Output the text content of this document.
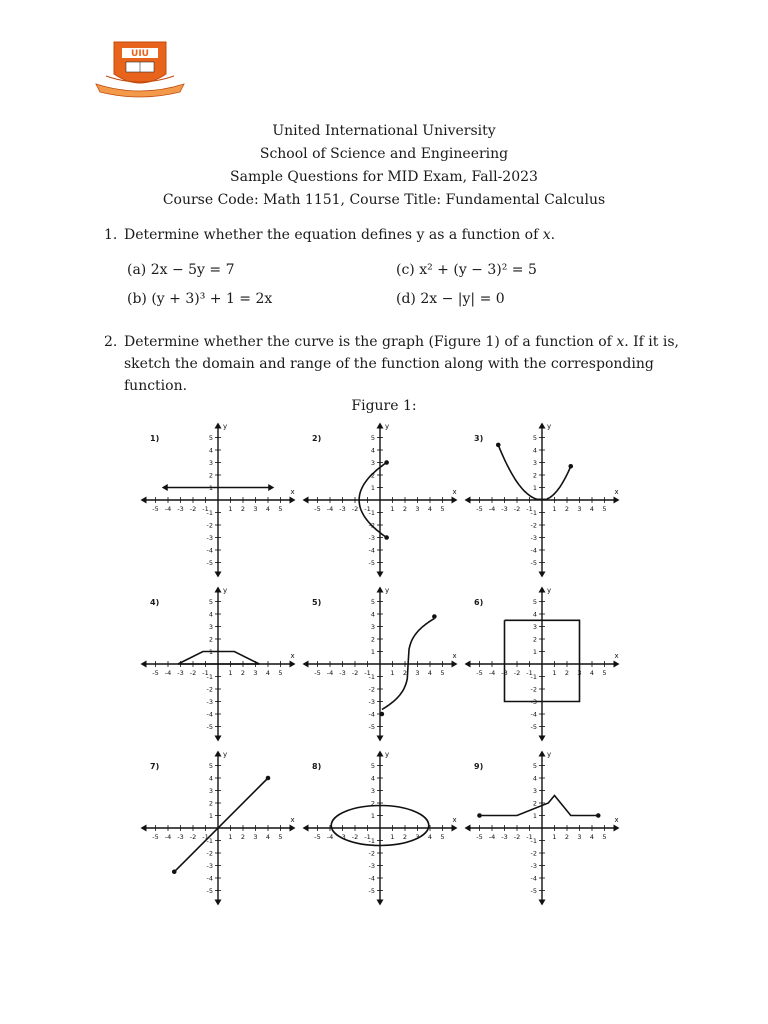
UIU
United International University
School of Science and Engineering
Sample Questions for MID Exam, Fall-2023
Course Code: Math 1151, Course Title: Fundamental Calculus
1. Determine whether the equation defines y as a function of x.
(a) 2x − 5y = 7	(c) x² + (y − 3)² = 5
(b) (y + 3)³ + 1 = 2x	(d) 2x − |y| = 0
2. Determine whether the curve is the graph (Figure 1) of a function of x. If it is,
sketch the domain and range of the function along with the corresponding function.
Figure 1:
1)
-5 -4 -3 -2 -1	1 2 3 4 5
5
4
3
2
1
-1
-2
-3
-4
-5
x
y
2)
-5 -4 -3 -2 -1	1 2 3 4 5
5
4
3
2
1
-1
-2
-3
-4
-5
x
y
3)
-5 -4 -3 -2 -1	1 2 3 4 5
5
4
3
2
1
-1
-2
-3
-4
-5
x
y
4)
-5 -4 -3 -2 -1	1 2 3 4 5
5
4
3
2
1
-1
-2
-3
-4
-5
x
y
5)
-5 -4 -3 -2 -1	1 2 3 4 5
5
4
3
2
1
-1
-2
-3
-4
-5
x
y
6)
-5 -4 -3 -2 -1	1 2 3 4 5
5
4
3
2
1
-1
-2
-3
-4
-5
x
y
7)
-5 -4 -3 -2 -1	1 2 3 4 5
5
4
3
2
1
-1
-2
-3
-4
-5
x
y
8)
-5 -4 -3 -2 -1	1 2 3 4 5
5
4
3
2
1
-1
-2
-3
-4
-5
x
y
9)
-5 -4 -3 -2 -1	1 2 3 4 5
5
4
3
2
1
-1
-2
-3
-4
-5
x
y
